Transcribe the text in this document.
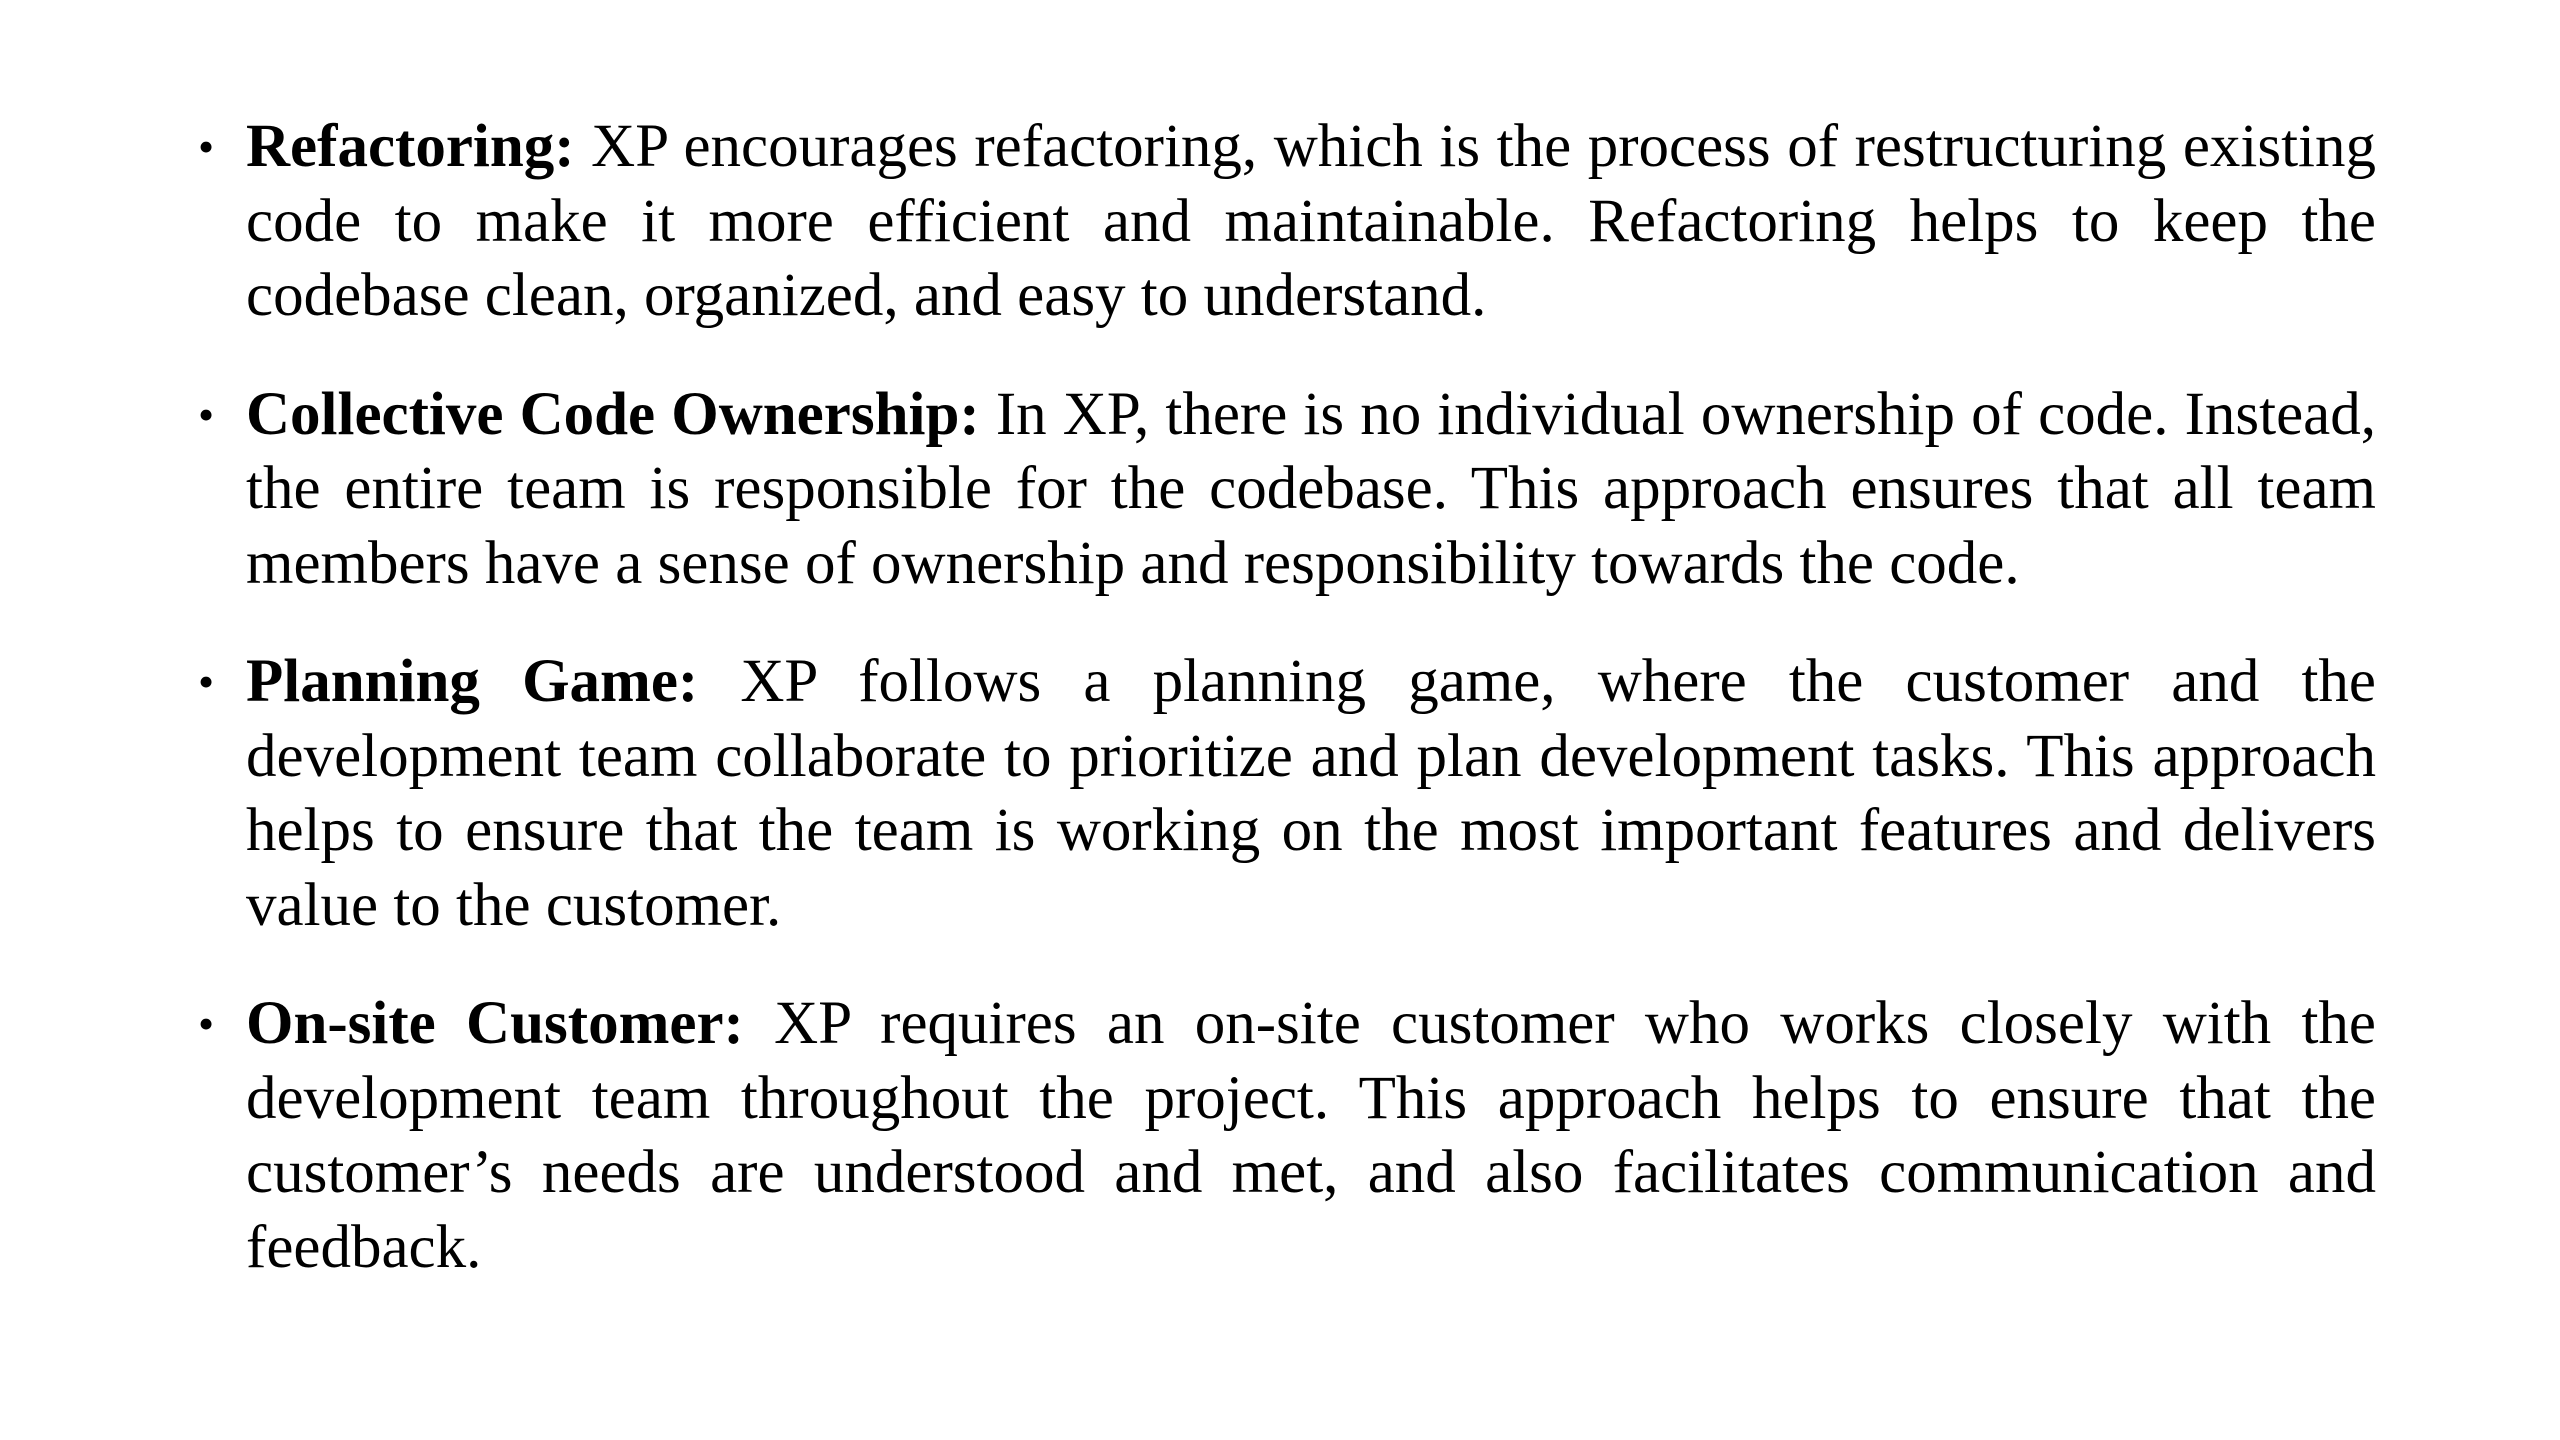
• Refactoring: XP encourages refactoring, which is the process of restructuring existing code to make it more efficient and maintainable. Refactoring helps to keep the codebase clean, organized, and easy to understand.
• Collective Code Ownership: In XP, there is no individual ownership of code. Instead, the entire team is responsible for the codebase. This approach ensures that all team members have a sense of ownership and responsibility towards the code.
• Planning Game: XP follows a planning game, where the customer and the development team collaborate to prioritize and plan development tasks. This approach helps to ensure that the team is working on the most important features and delivers value to the customer.
• On-site Customer: XP requires an on-site customer who works closely with the development team throughout the project. This approach helps to ensure that the customer’s needs are understood and met, and also facilitates communication and feedback.
